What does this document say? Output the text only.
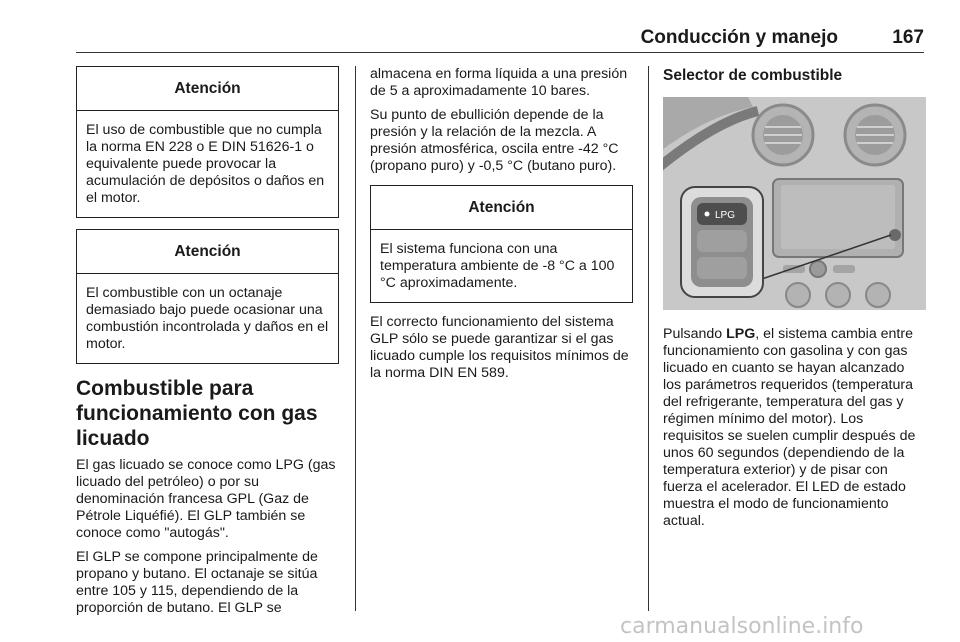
Conducción y manejo	167
Atención
El uso de combustible que no cumpla la norma EN 228 o E DIN 51626-1 o equivalente puede provocar la acumulación de depósitos o daños en el motor.
Atención
El combustible con un octanaje demasiado bajo puede ocasionar una combustión incontrolada y daños en el motor.
Combustible para funcionamiento con gas licuado

El gas licuado se conoce como LPG (gas licuado del petróleo) o por su denominación francesa GPL (Gaz de Pétrole Liquéfié). El GLP también se conoce como "autogás".

El GLP se compone principalmente de propano y butano. El octanaje se sitúa entre 105 y 115, dependiendo de la proporción de butano. El GLP se

almacena en forma líquida a una presión de 5 a aproximadamente 10 bares.

Su punto de ebullición depende de la presión y la relación de la mezcla. A presión atmosférica, oscila entre -42 °C (propano puro) y -0,5 °C (butano puro).

Atención
El sistema funciona con una temperatura ambiente de -8 °C a 100 °C aproximadamente.

El correcto funcionamiento del sistema GLP sólo se puede garantizar si el gas licuado cumple los requisitos mínimos de la norma DIN EN 589.

Selector de combustible
LPG

Pulsando LPG, el sistema cambia entre funcionamiento con gasolina y con gas licuado en cuanto se hayan alcanzado los parámetros requeridos (temperatura del refrigerante, temperatura del gas y régimen mínimo del motor). Los requisitos se suelen cumplir después de unos 60 segundos (dependiendo de la temperatura exterior) y de pisar con fuerza el acelerador. El LED de estado muestra el modo de funcionamiento actual.

carmanualsonline.info
